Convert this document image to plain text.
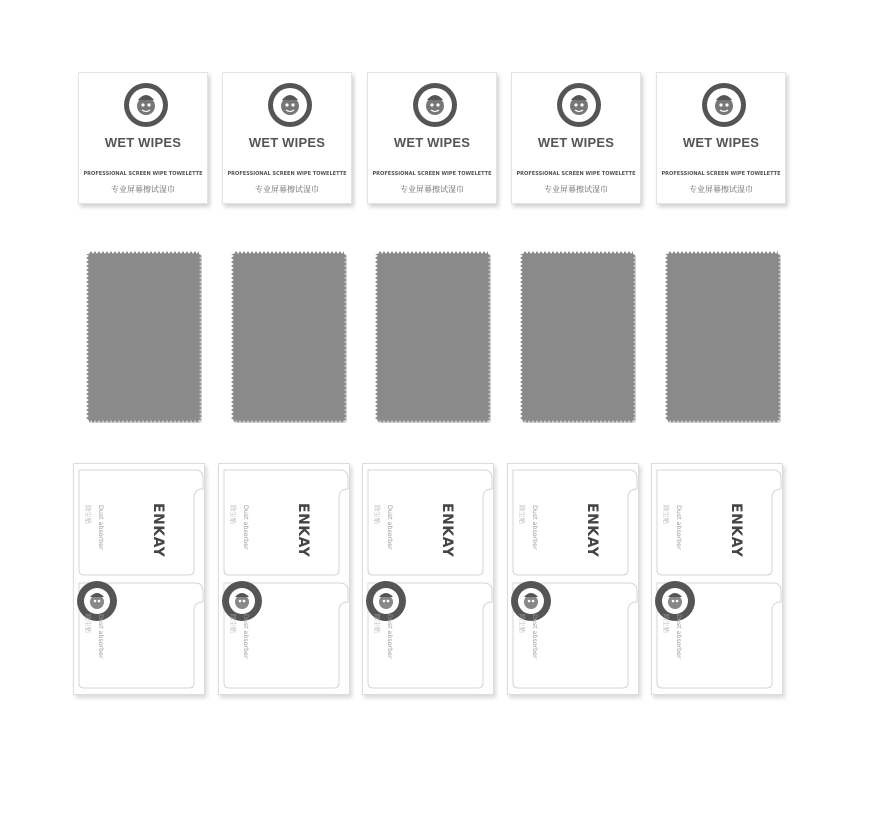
WET WIPES
PROFESSIONAL SCREEN WIPE TOWELETTE
专业屏幕擦试湿巾
WET WIPES
PROFESSIONAL SCREEN WIPE TOWELETTE
专业屏幕擦试湿巾
WET WIPES
PROFESSIONAL SCREEN WIPE TOWELETTE
专业屏幕擦试湿巾
WET WIPES
PROFESSIONAL SCREEN WIPE TOWELETTE
专业屏幕擦试湿巾
WET WIPES
PROFESSIONAL SCREEN WIPE TOWELETTE
专业屏幕擦试湿巾
ENKAY
Dust absorber
除尘贴
Dust absorber
除尘贴
ENKAY
Dust absorber
除尘贴
Dust absorber
除尘贴
ENKAY
Dust absorber
除尘贴
Dust absorber
除尘贴
ENKAY
Dust absorber
除尘贴
Dust absorber
除尘贴
ENKAY
Dust absorber
除尘贴
Dust absorber
除尘贴
